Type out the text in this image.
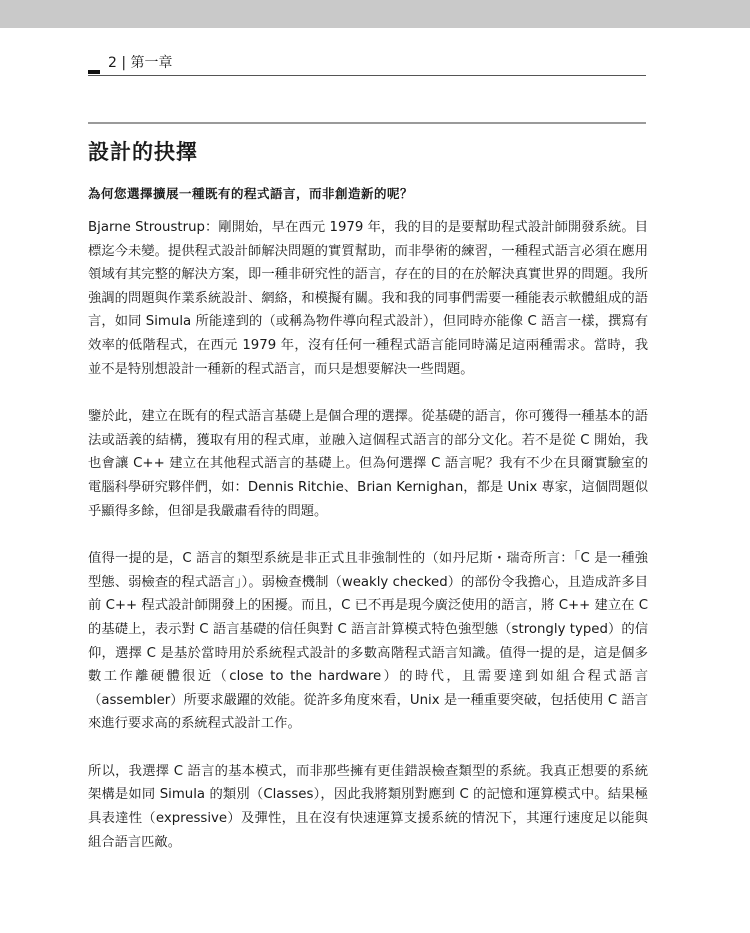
2 | 第一章
設計的抉擇
為何您選擇擴展一種既有的程式語言，而非創造新的呢？

Bjarne Stroustrup：剛開始，早在西元 1979 年，我的目的是要幫助程式設計師開發系統。目標迄今未變。提供程式設計師解決問題的實質幫助，而非學術的練習，一種程式語言必須在應用領域有其完整的解決方案，即一種非研究性的語言，存在的目的在於解決真實世界的問題。我所強調的問題與作業系統設計、網絡，和模擬有關。我和我的同事們需要一種能表示軟體組成的語言，如同 Simula 所能達到的（或稱為物件導向程式設計），但同時亦能像 C 語言一樣，撰寫有效率的低階程式，在西元 1979 年，沒有任何一種程式語言能同時滿足這兩種需求。當時，我並不是特別想設計一種新的程式語言，而只是想要解決一些問題。

鑒於此，建立在既有的程式語言基礎上是個合理的選擇。從基礎的語言，你可獲得一種基本的語法或語義的結構，獲取有用的程式庫，並融入這個程式語言的部分文化。若不是從 C 開始，我也會讓 C++ 建立在其他程式語言的基礎上。但為何選擇 C 語言呢？我有不少在貝爾實驗室的電腦科學研究夥伴們，如：Dennis Ritchie、Brian Kernighan，都是 Unix 專家，這個問題似乎顯得多餘，但卻是我嚴肅看待的問題。

值得一提的是，C 語言的類型系統是非正式且非強制性的（如丹尼斯・瑞奇所言：「C 是一種強型態、弱檢查的程式語言」）。弱檢查機制（weakly checked）的部份令我擔心，且造成許多目前 C++ 程式設計師開發上的困擾。而且，C 已不再是現今廣泛使用的語言，將 C++ 建立在 C 的基礎上，表示對 C 語言基礎的信任與對 C 語言計算模式特色強型態（strongly typed）的信仰，選擇 C 是基於當時用於系統程式設計的多數高階程式語言知識。值得一提的是，這是個多數工作離硬體很近（close to the hardware）的時代，且需要達到如組合程式語言（assembler）所要求嚴躍的效能。從許多角度來看，Unix 是一種重要突破，包括使用 C 語言來進行要求高的系統程式設計工作。

所以，我選擇 C 語言的基本模式，而非那些擁有更佳錯誤檢查類型的系統。我真正想要的系統架構是如同 Simula 的類別（Classes），因此我將類別對應到 C 的記憶和運算模式中。結果極具表達性（expressive）及彈性，且在沒有快速運算支援系統的情況下，其運行速度足以能與組合語言匹敵。
